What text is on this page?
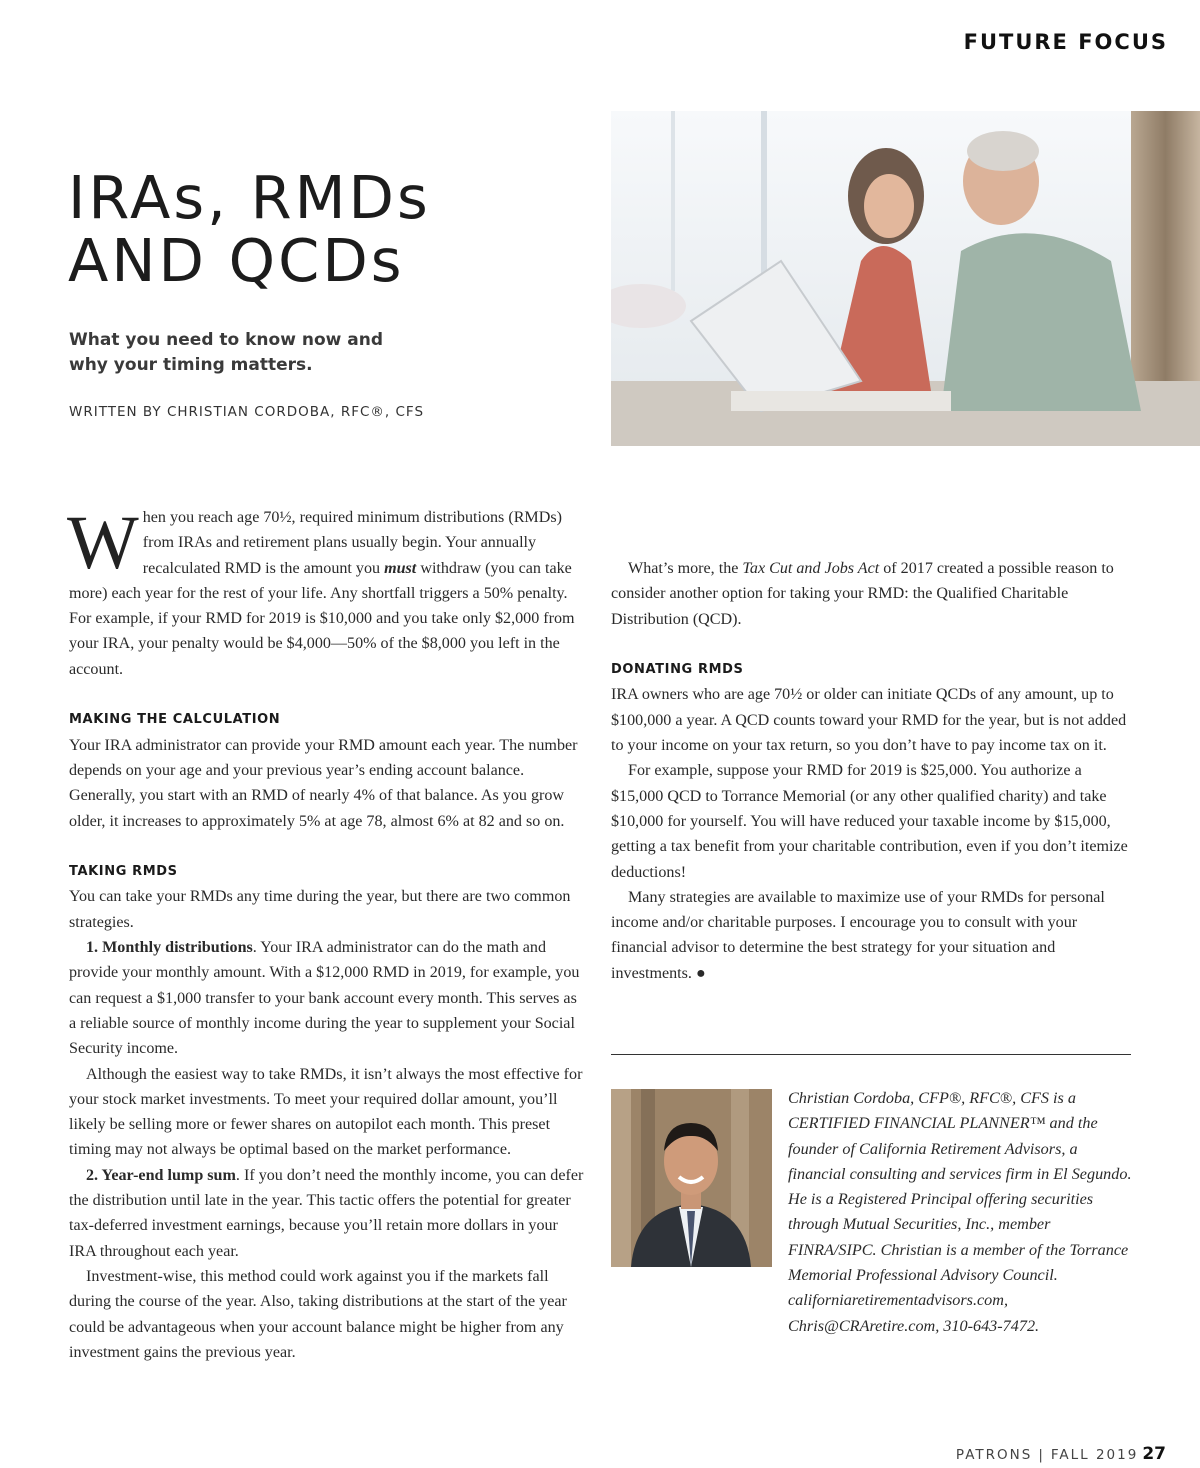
FUTURE FOCUS
IRAs, RMDs
AND QCDs
What you need to know now and why your timing matters.
WRITTEN BY CHRISTIAN CORDOBA, RFC®, CFS

When you reach age 70½, required minimum distributions (RMDs) from IRAs and retirement plans usually begin. Your annually recalculated RMD is the amount you must withdraw (you can take more) each year for the rest of your life. Any shortfall triggers a 50% penalty. For example, if your RMD for 2019 is $10,000 and you take only $2,000 from your IRA, your penalty would be $4,000—50% of the $8,000 you left in the account.

MAKING THE CALCULATION

Your IRA administrator can provide your RMD amount each year. The number depends on your age and your previous year’s ending account balance. Generally, you start with an RMD of nearly 4% of that balance. As you grow older, it increases to approximately 5% at age 78, almost 6% at 82 and so on.

TAKING RMDS

You can take your RMDs any time during the year, but there are two common strategies.

1. Monthly distributions. Your IRA administrator can do the math and provide your monthly amount. With a $12,000 RMD in 2019, for example, you can request a $1,000 transfer to your bank account every month. This serves as a reliable source of monthly income during the year to supplement your Social Security income.

Although the easiest way to take RMDs, it isn’t always the most effective for your stock market investments. To meet your required dollar amount, you’ll likely be selling more or fewer shares on autopilot each month. This preset timing may not always be optimal based on the market performance.

2. Year-end lump sum. If you don’t need the monthly income, you can defer the distribution until late in the year. This tactic offers the potential for greater tax-deferred investment earnings, because you’ll retain more dollars in your IRA throughout each year.

Investment-wise, this method could work against you if the markets fall during the course of the year. Also, taking distributions at the start of the year could be advantageous when your account balance might be higher from any investment gains the previous year.

What’s more, the Tax Cut and Jobs Act of 2017 created a possible reason to consider another option for taking your RMD: the Qualified Charitable Distribution (QCD).

DONATING RMDS

IRA owners who are age 70½ or older can initiate QCDs of any amount, up to $100,000 a year. A QCD counts toward your RMD for the year, but is not added to your income on your tax return, so you don’t have to pay income tax on it.

For example, suppose your RMD for 2019 is $25,000. You authorize a $15,000 QCD to Torrance Memorial (or any other qualified charity) and take $10,000 for yourself. You will have reduced your taxable income by $15,000, getting a tax benefit from your charitable contribution, even if you don’t itemize deductions!

Many strategies are available to maximize use of your RMDs for personal income and/or charitable purposes. I encourage you to consult with your financial advisor to determine the best strategy for your situation and investments. ●

Christian Cordoba, CFP®, RFC®, CFS is a CERTIFIED FINANCIAL PLANNER™ and the founder of California Retirement Advisors, a financial consulting and services firm in El Segundo. He is a Registered Principal offering securities through Mutual Securities, Inc., member FINRA/SIPC. Christian is a member of the Torrance Memorial Professional Advisory Council. californiaretirementadvisors.com, Chris@CRAretire.com, 310-643-7472.
PATRONS | FALL 2019 27
